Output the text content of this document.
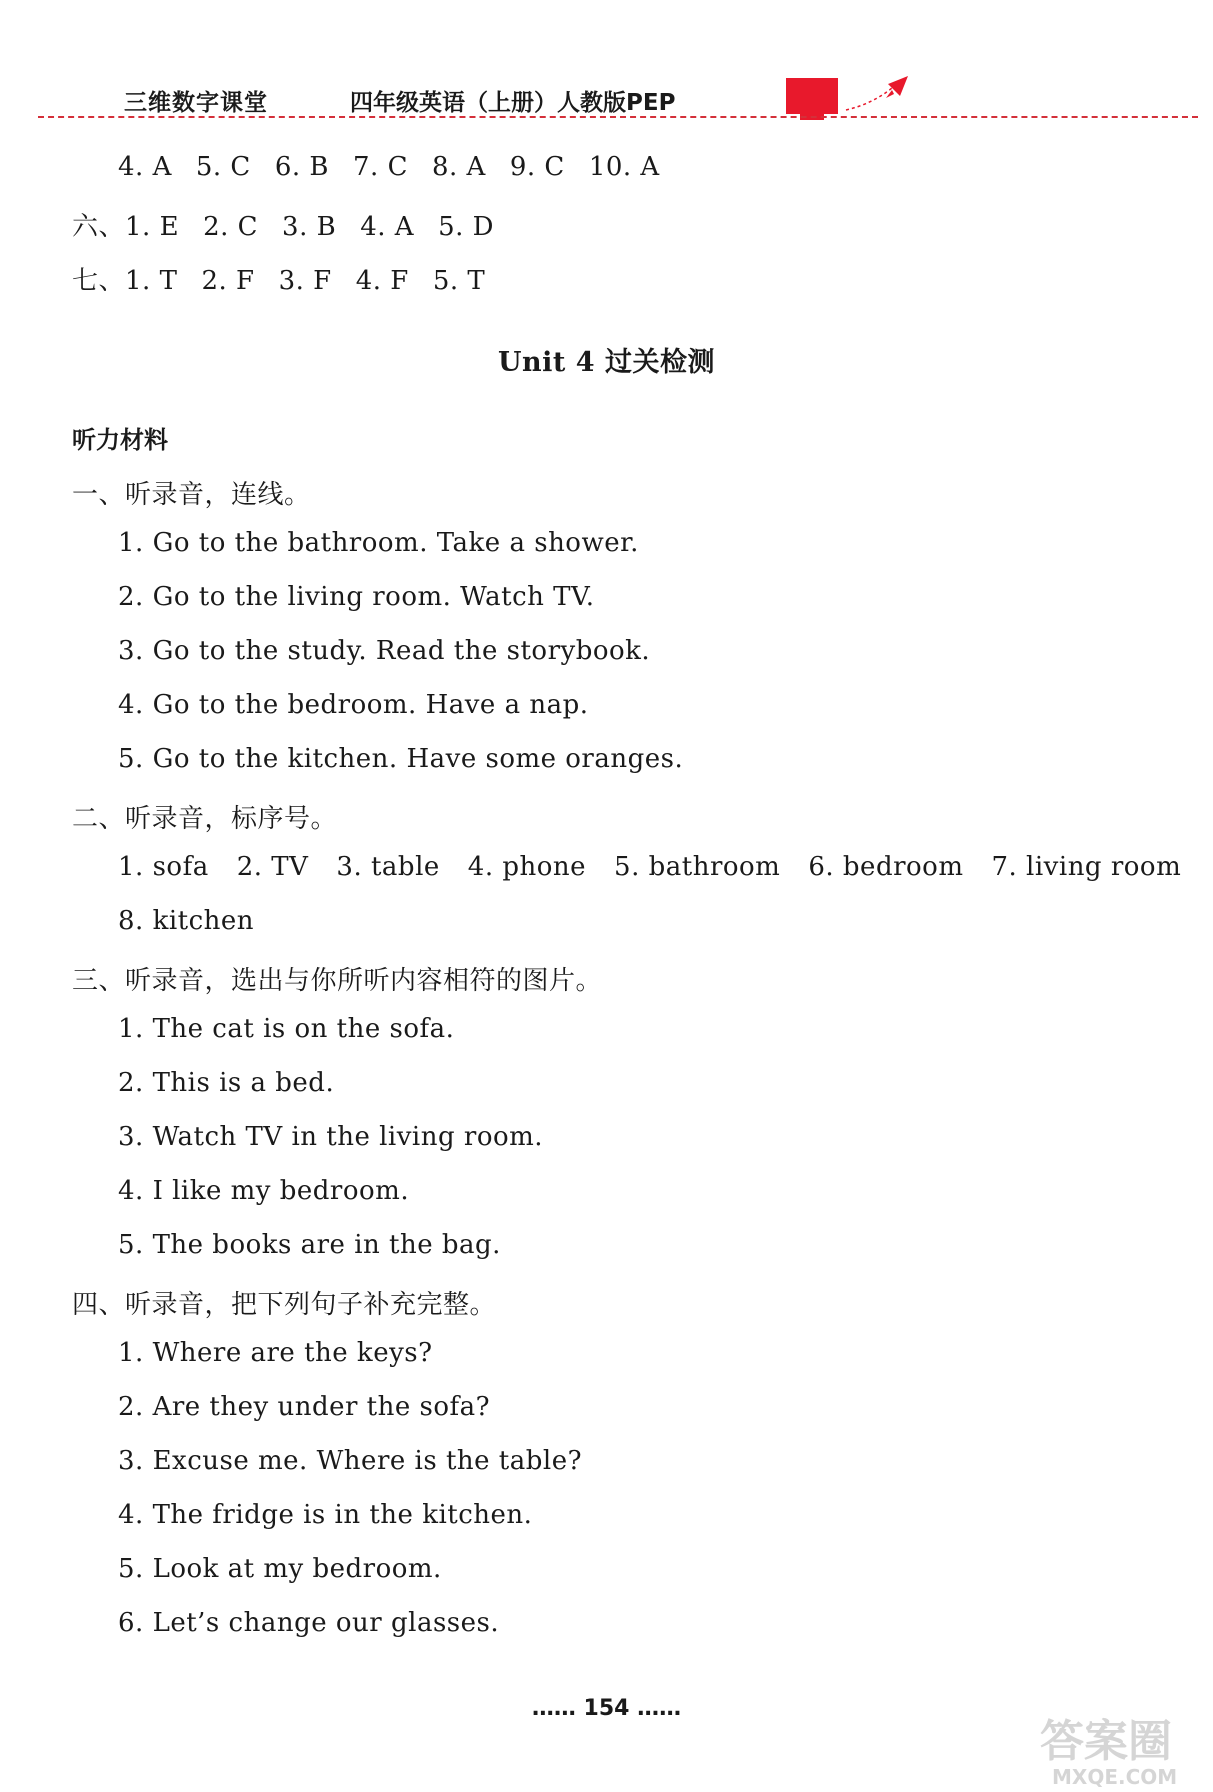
三维数字课堂	四年级英语（上册）人教版PEP
4. A 5. C 6. B 7. C 8. A 9. C 10. A
六、1. E 2. C 3. B 4. A 5. D
七、1. T 2. F 3. F 4. F 5. T
Unit 4 过关检测
听力材料
一、听录音，连线。
1. Go to the bathroom. Take a shower.
2. Go to the living room. Watch TV.
3. Go to the study. Read the storybook.
4. Go to the bedroom. Have a nap.
5. Go to the kitchen. Have some oranges.
二、听录音，标序号。
1. sofa 2. TV 3. table 4. phone 5. bathroom 6. bedroom 7. living room
8. kitchen
三、听录音，选出与你所听内容相符的图片。
1. The cat is on the sofa.
2. This is a bed.
3. Watch TV in the living room.
4. I like my bedroom.
5. The books are in the bag.
四、听录音，把下列句子补充完整。
1. Where are the keys?
2. Are they under the sofa?
3. Excuse me. Where is the table?
4. The fridge is in the kitchen.
5. Look at my bedroom.
6. Let’s change our glasses.
…… 154 ……
答案圈
MXQE.COM
